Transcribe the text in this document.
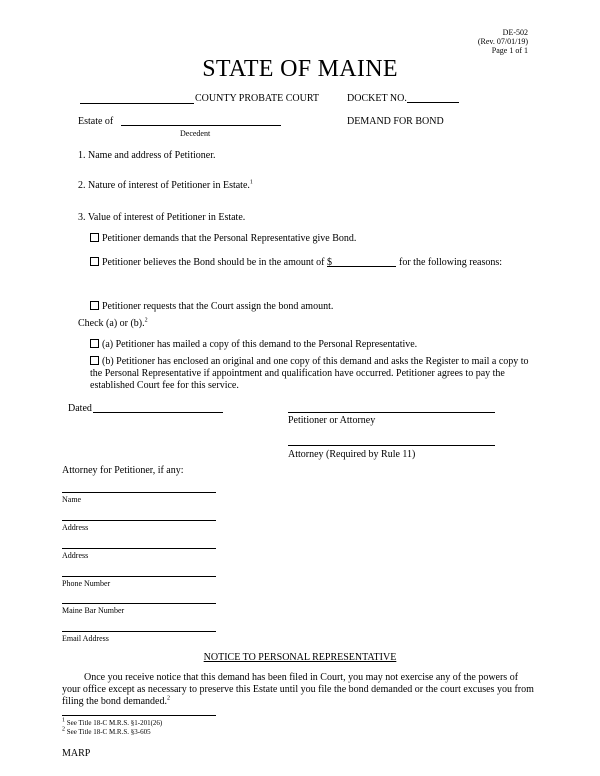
DE-502
(Rev. 07/01/19)
Page 1 of 1
STATE OF MAINE
COUNTY PROBATE COURT	DOCKET NO.
Estate of
Decedent
DEMAND FOR BOND
1. Name and address of Petitioner.
2. Nature of interest of Petitioner in Estate.$^1$
3. Value of interest of Petitioner in Estate.
Petitioner demands that the Personal Representative give Bond.
Petitioner believes the Bond should be in the amount of $	for the following reasons:
Petitioner requests that the Court assign the bond amount.
Check (a) or (b).$^2$
(a) Petitioner has mailed a copy of this demand to the Personal Representative.
(b) Petitioner has enclosed an original and one copy of this demand and asks the Register to mail a copy to the Personal Representative if appointment and qualification have occurred. Petitioner agrees to pay the established Court fee for this service.
Dated
Petitioner or Attorney
Attorney (Required by Rule 11)
Attorney for Petitioner, if any:
Name
Address
Address
Phone Number
Maine Bar Number
Email Address
NOTICE TO PERSONAL REPRESENTATIVE
Once you receive notice that this demand has been filed in Court, you may not exercise any of the powers of your office except as necessary to preserve this Estate until you file the bond demanded or the court excuses you from filing the bond demanded.$^2$
1 See Title 18-C M.R.S. §1-201(26)
2 See Title 18-C M.R.S. §3-605
MARP
